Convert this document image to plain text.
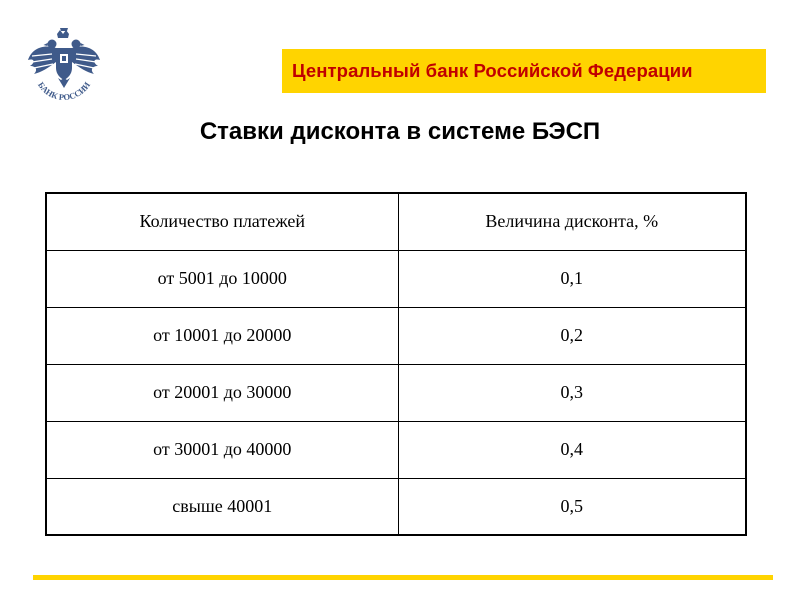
БАНК РОССИИ
Центральный банк Российской Федерации
Ставки дисконта в системе БЭСП
Количество платежей	Величина дисконта, %
от 5001 до 10000	0,1
от 10001 до 20000	0,2
от 20001 до 30000	0,3
от 30001 до 40000	0,4
свыше 40001	0,5
